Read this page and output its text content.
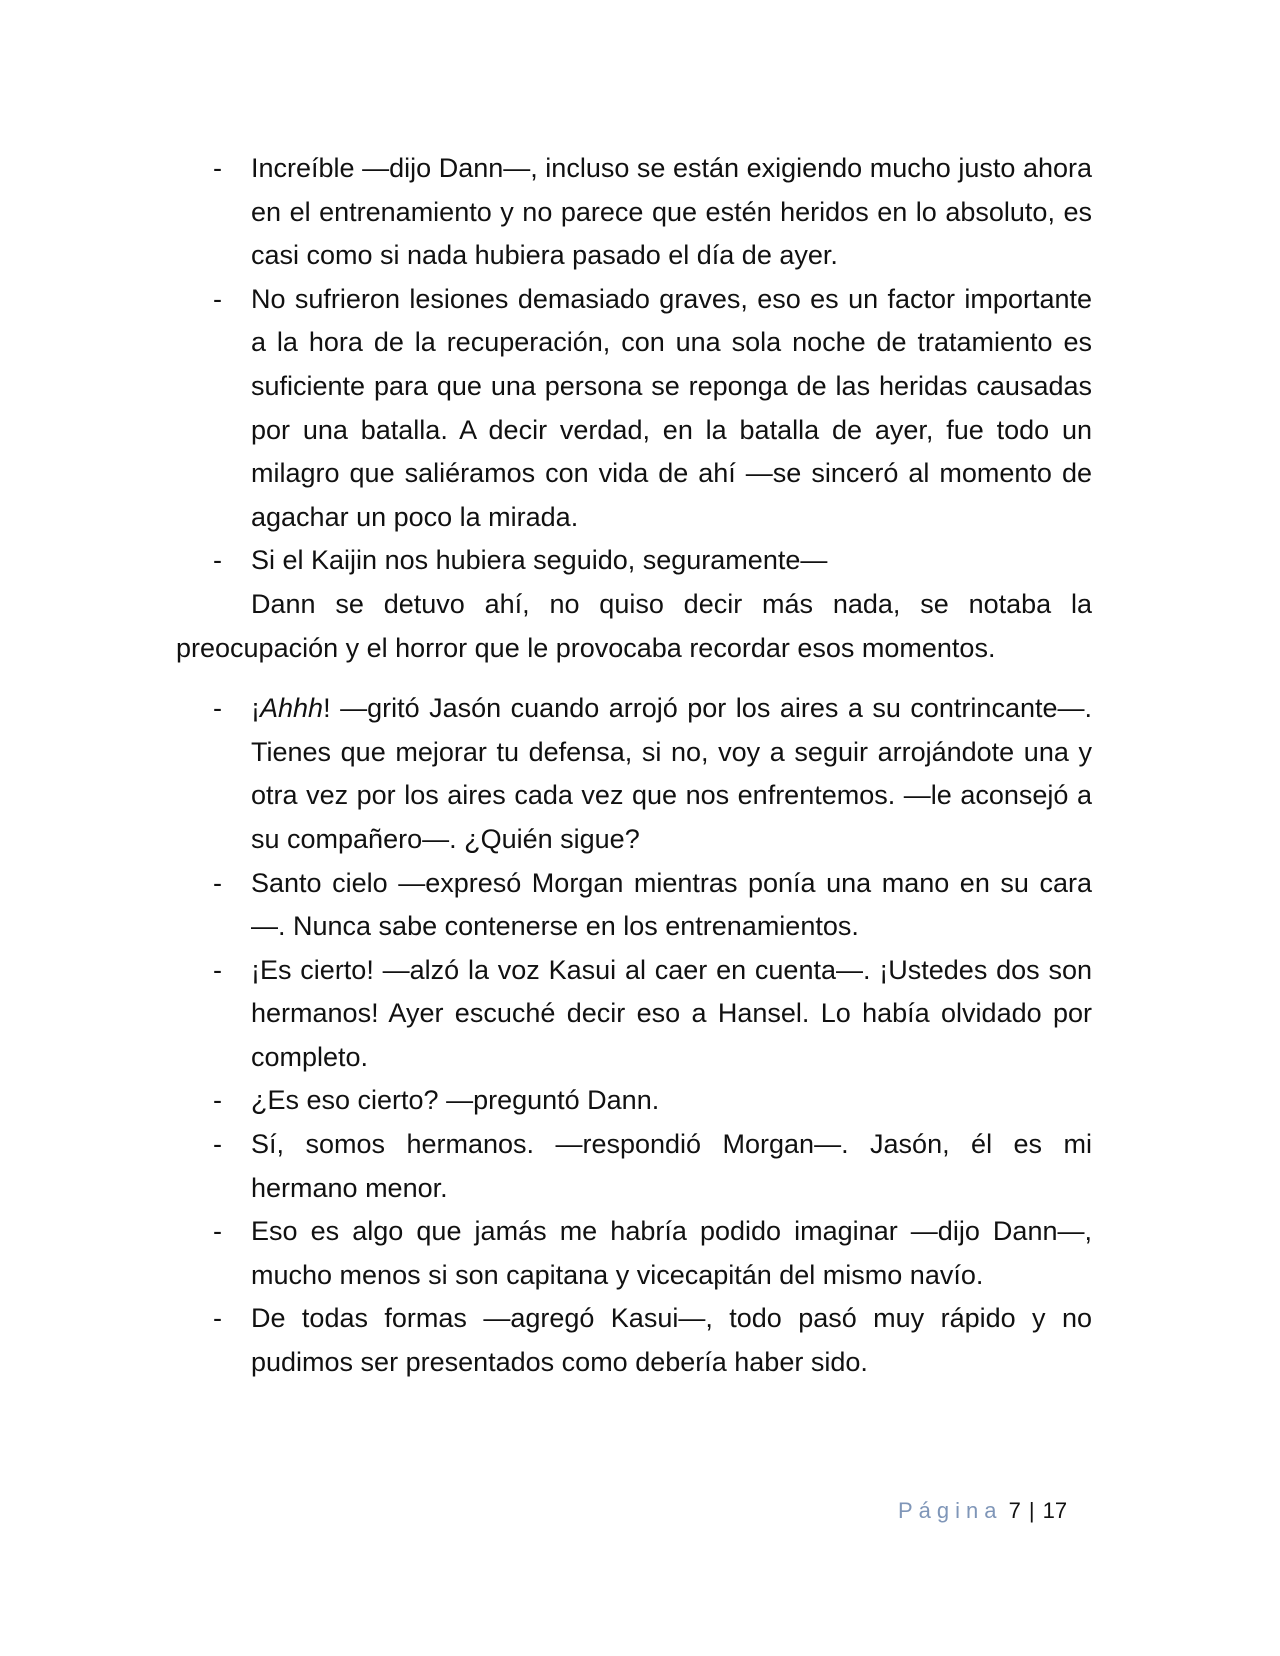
- Increíble —dijo Dann—, incluso se están exigiendo mucho justo ahora en el entrenamiento y no parece que estén heridos en lo absoluto, es casi como si nada hubiera pasado el día de ayer.
- No sufrieron lesiones demasiado graves, eso es un factor importante a la hora de la recuperación, con una sola noche de tratamiento es suficiente para que una persona se reponga de las heridas causadas por una batalla. A decir verdad, en la batalla de ayer, fue todo un milagro que saliéramos con vida de ahí —se sinceró al momento de agachar un poco la mirada.
- Si el Kaijin nos hubiera seguido, seguramente—
Dann se detuvo ahí, no quiso decir más nada, se notaba la preocupación y el horror que le provocaba recordar esos momentos.
- ¡Ahhh! —gritó Jasón cuando arrojó por los aires a su contrincante—. Tienes que mejorar tu defensa, si no, voy a seguir arrojándote una y otra vez por los aires cada vez que nos enfrentemos. —le aconsejó a su compañero—. ¿Quién sigue?
- Santo cielo —expresó Morgan mientras ponía una mano en su cara—. Nunca sabe contenerse en los entrenamientos.
- ¡Es cierto! —alzó la voz Kasui al caer en cuenta—. ¡Ustedes dos son hermanos! Ayer escuché decir eso a Hansel. Lo había olvidado por completo.
- ¿Es eso cierto? —preguntó Dann.
- Sí, somos hermanos. —respondió Morgan—. Jasón, él es mi hermano menor.
- Eso es algo que jamás me habría podido imaginar —dijo Dann—, mucho menos si son capitana y vicecapitán del mismo navío.
- De todas formas —agregó Kasui—, todo pasó muy rápido y no pudimos ser presentados como debería haber sido.
Página 7 | 17
